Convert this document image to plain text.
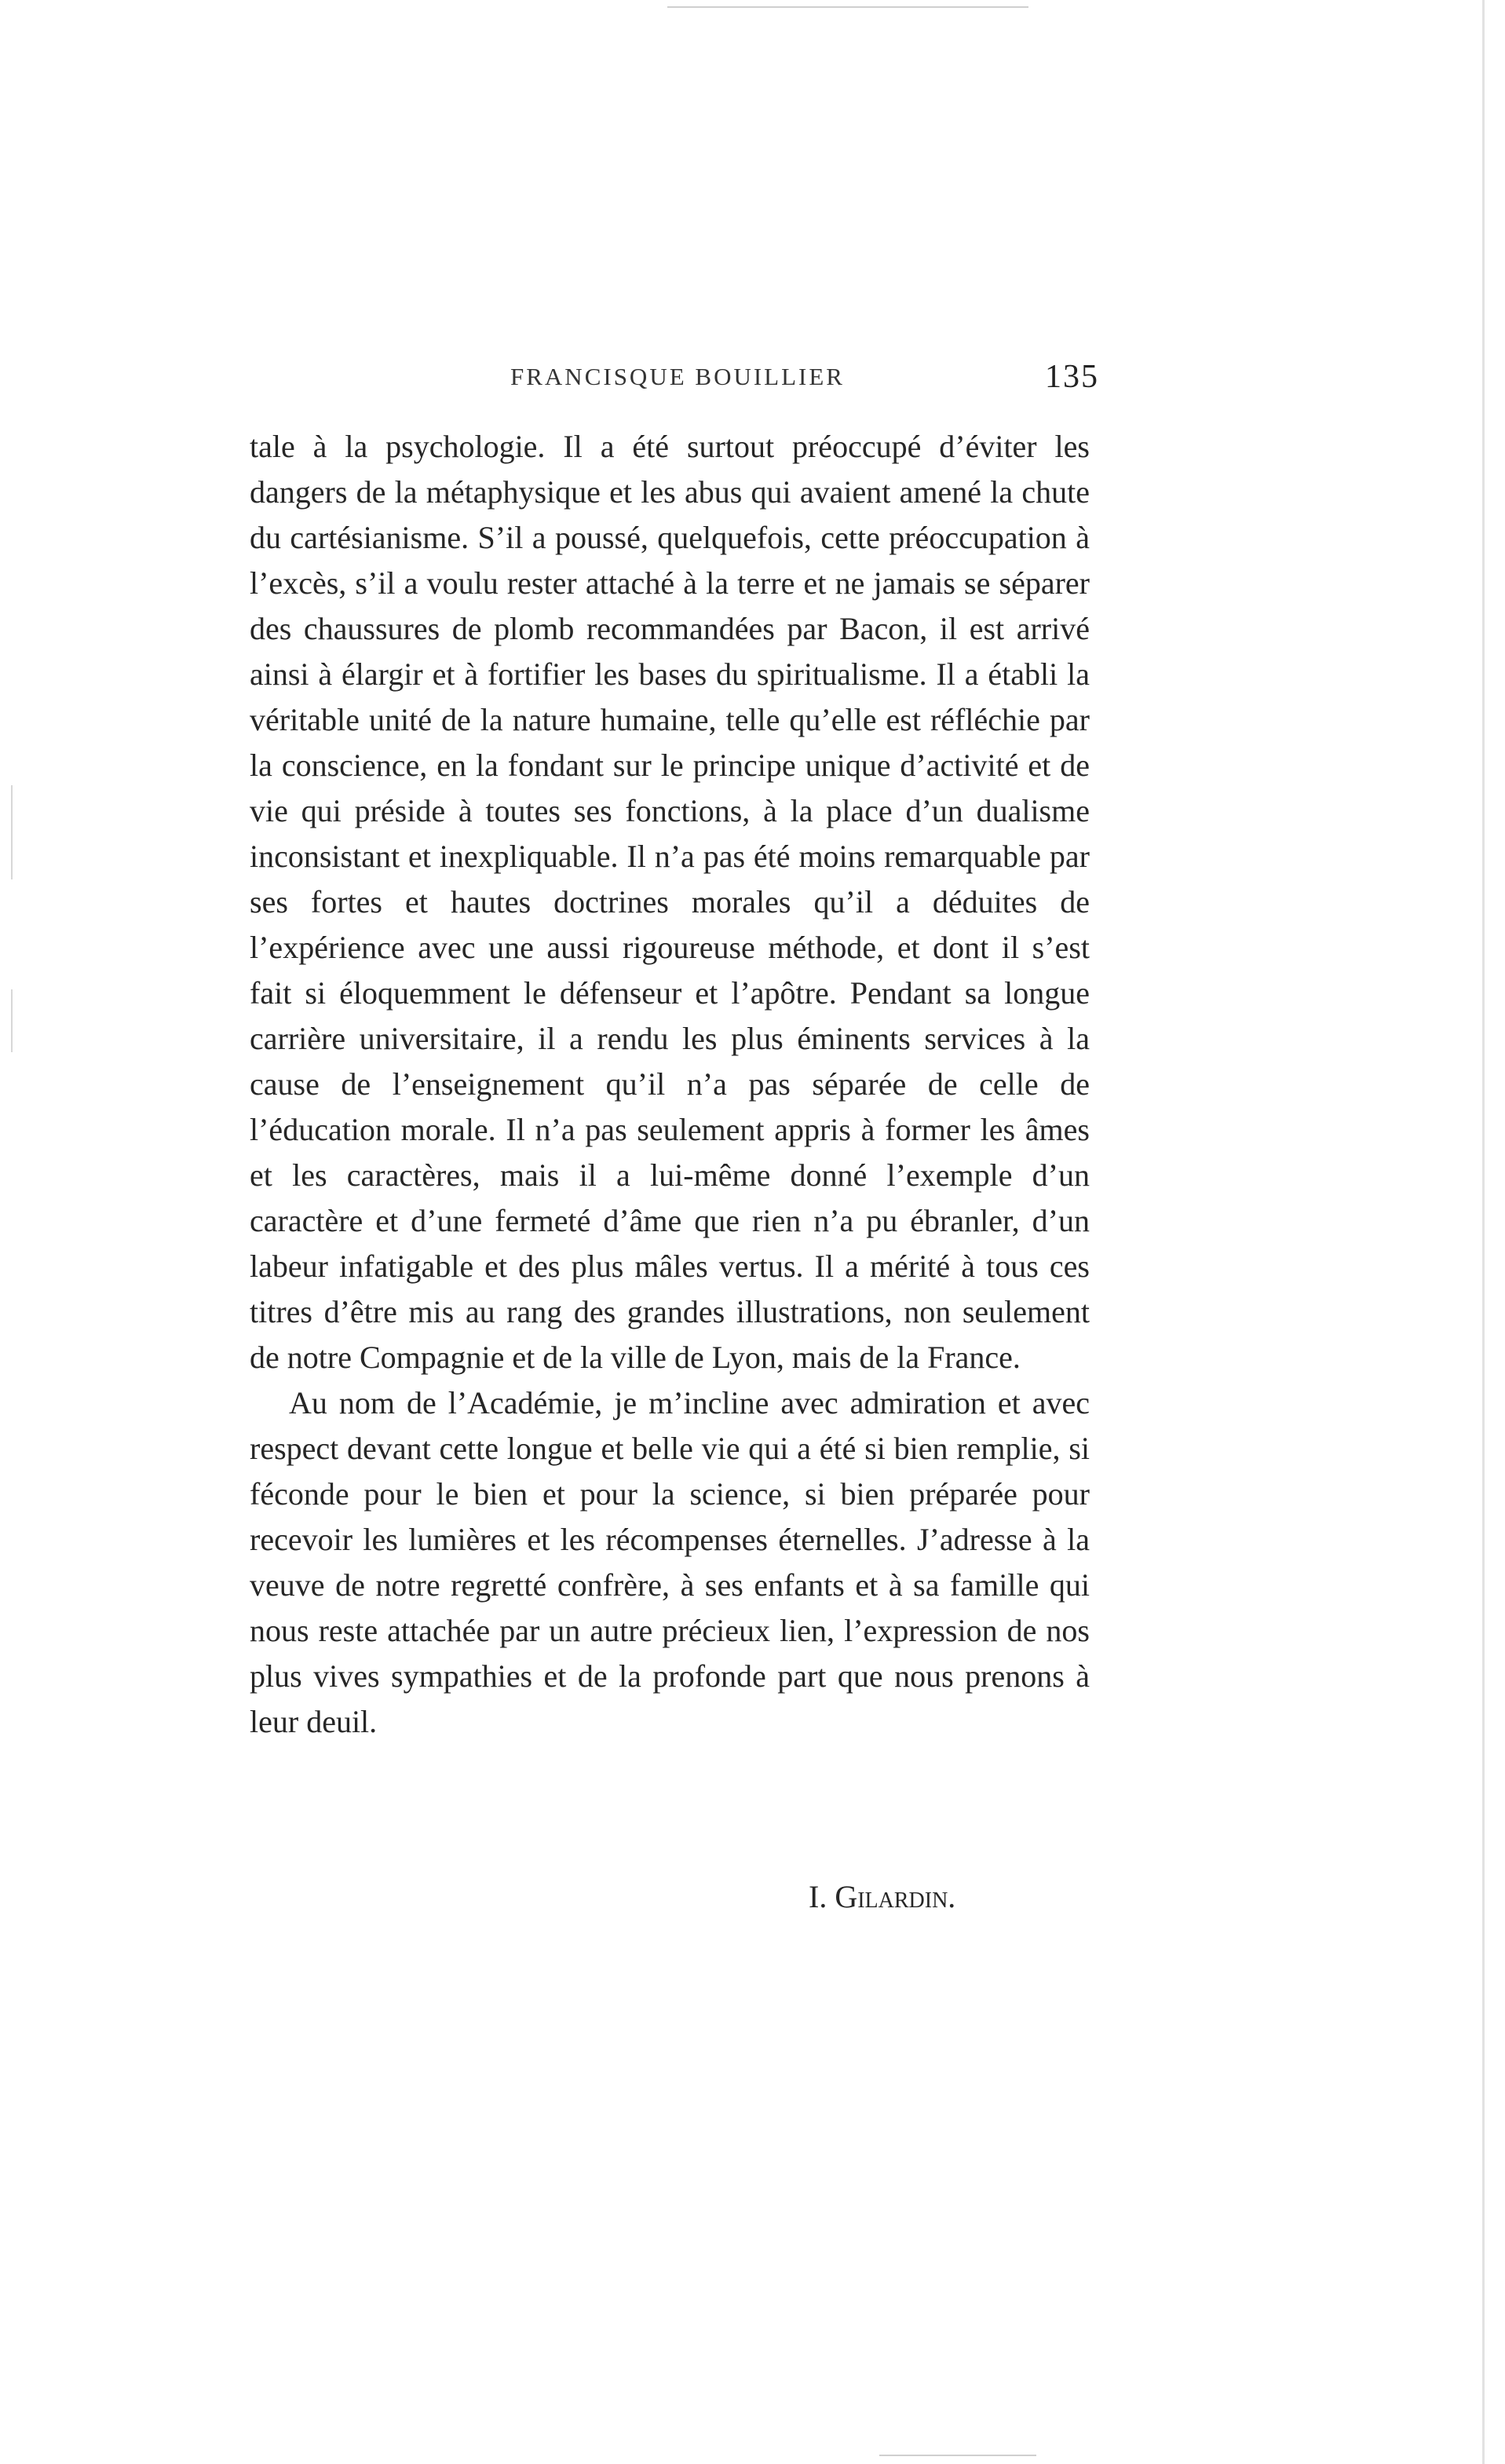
FRANCISQUE BOUILLIER	135

tale à la psychologie. Il a été surtout préoccupé d’éviter les dangers de la métaphysique et les abus qui avaient amené la chute du cartésianisme. S’il a poussé, quelquefois, cette préoccupation à l’excès, s’il a voulu rester attaché à la terre et ne jamais se séparer des chaussures de plomb recommandées par Bacon, il est arrivé ainsi à élargir et à fortifier les bases du spiritualisme. Il a établi la véritable unité de la nature humaine, telle qu’elle est réfléchie par la conscience, en la fondant sur le principe unique d’activité et de vie qui préside à toutes ses fonctions, à la place d’un dualisme inconsistant et inexpliquable. Il n’a pas été moins remarquable par ses fortes et hautes doctrines morales qu’il a déduites de l’expérience avec une aussi rigoureuse méthode, et dont il s’est fait si éloquemment le défenseur et l’apôtre. Pendant sa longue carrière universitaire, il a rendu les plus éminents services à la cause de l’enseignement qu’il n’a pas séparée de celle de l’éducation morale. Il n’a pas seulement appris à former les âmes et les caractères, mais il a lui-même donné l’exemple d’un caractère et d’une fermeté d’âme que rien n’a pu ébranler, d’un labeur infatigable et des plus mâles vertus. Il a mérité à tous ces titres d’être mis au rang des grandes illustrations, non seulement de notre Compagnie et de la ville de Lyon, mais de la France.

Au nom de l’Académie, je m’incline avec admiration et avec respect devant cette longue et belle vie qui a été si bien remplie, si féconde pour le bien et pour la science, si bien préparée pour recevoir les lumières et les récompenses éternelles. J’adresse à la veuve de notre regretté confrère, à ses enfants et à sa famille qui nous reste attachée par un autre précieux lien, l’expression de nos plus vives sympathies et de la profonde part que nous prenons à leur deuil.

I. Gilardin.
